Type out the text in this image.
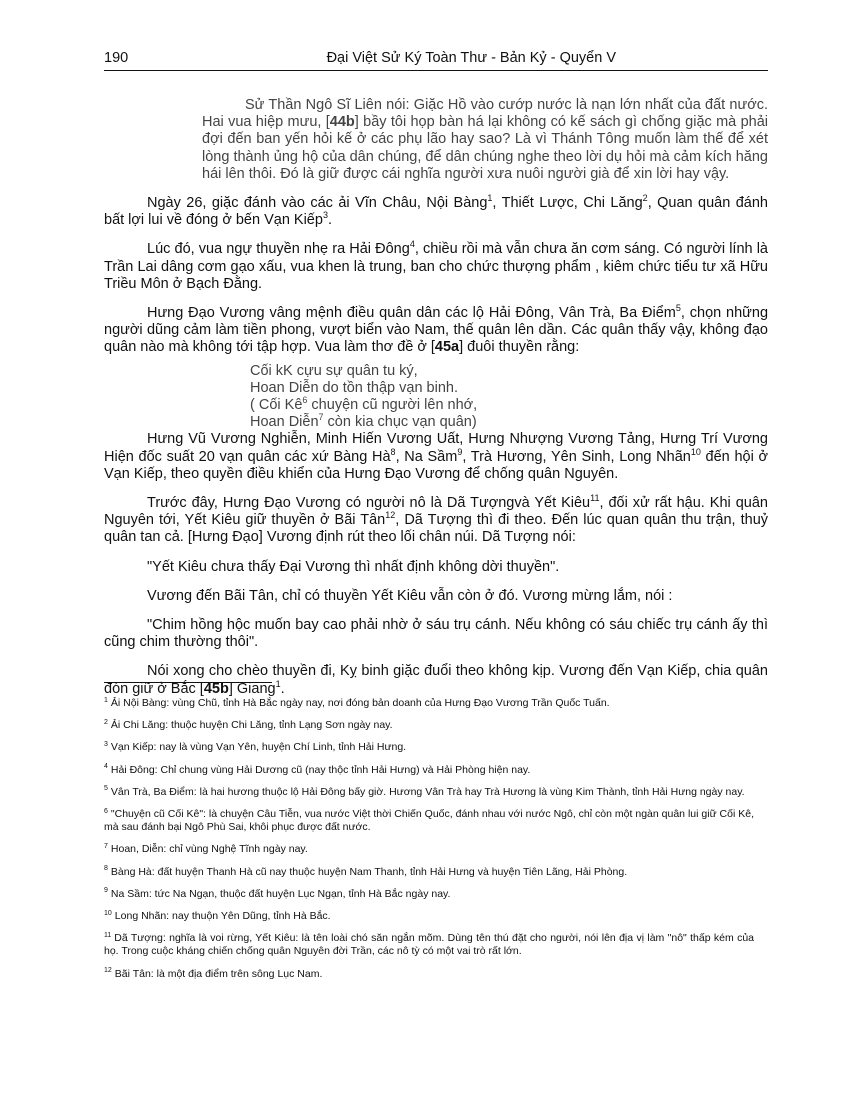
190	Đại Việt Sử Ký Toàn Thư - Bản Kỷ - Quyển V

Sử Thần Ngô Sĩ Liên nói: Giặc Hồ vào cướp nước là nạn lớn nhất của đất nước. Hai vua hiệp mưu, [44b] bầy tôi họp bàn há lại không có kế sách gì chống giặc mà phải đợi đến ban yến hỏi kế ở các phụ lão hay sao? Là vì Thánh Tông muốn làm thế để xét lòng thành ủng hộ của dân chúng, để dân chúng nghe theo lời dụ hỏi mà cảm kích hăng hái lên thôi. Đó là giữ được cái nghĩa người xưa nuôi người già để xin lời hay vậy.

Ngày 26, giặc đánh vào các ải Vĩn Châu, Nội Bàng$^1$, Thiết Lược, Chi Lăng$^2$, Quan quân đánh bất lợi lui về đóng ở bến Vạn Kiếp$^3$.

Lúc đó, vua ngự thuyền nhẹ ra Hải Đông$^4$, chiều rồi mà vẫn chưa ăn cơm sáng. Có người lính là Trần Lai dâng cơm gạo xấu, vua khen là trung, ban cho chức thượng phẩm , kiêm chức tiểu tư xã Hữu Triều Môn ở Bạch Đằng.

Hưng Đạo Vương vâng mệnh điều quân dân các lộ Hải Đông, Vân Trà, Ba Điểm$^5$, chọn những người dũng cảm làm tiền phong, vượt biển vào Nam, thế quân lên dần. Các quân thấy vậy, không đạo quân nào mà không tới tập hợp. Vua làm thơ đề ở [45a] đuôi thuyền rằng:

Cối kK cựu sự quân tu ký,
Hoan Diễn do tồn thập vạn binh.
( Cối $Kê^6$ chuyện cũ người lên nhớ,
Hoan Diễn$^7$ còn kia chục vạn quân)

Hưng Vũ Vương Nghiễn, Minh Hiến Vương Uất, Hưng Nhượng Vương Tảng, Hưng Trí Vương Hiện đốc suất 20 vạn quân các xứ Bàng $Hà^8$, Na Sầm$^9$, Trà Hương, Yên Sinh, Long Nhãn$^{10}$ đến hội ở Vạn Kiếp, theo quyền điều khiển của Hưng Đạo Vương để chống quân Nguyên.

Trước đây, Hưng Đạo Vương có người nô là Dã Tượngvà Yết Kiêu$^{11}$, đối xử rất hậu. Khi quân Nguyên tới, Yết Kiêu giữ thuyền ở Bãi Tân$^{12}$, Dã Tượng thì đi theo. Đến lúc quan quân thu trận, thuỷ quân tan cả. [Hưng Đạo] Vương định rút theo lối chân núi. Dã Tượng nói:

"Yết Kiêu chưa thấy Đại Vương thì nhất định không dời thuyền".

Vương đến Bãi Tân, chỉ có thuyền Yết Kiêu vẫn còn ở đó. Vương mừng lắm, nói :

"Chim hồng hộc muốn bay cao phải nhờ ở sáu trụ cánh. Nếu không có sáu chiếc trụ cánh ấy thì cũng chim thường thôi".

Nói xong cho chèo thuyền đi, Kỵ binh giặc đuổi theo không kịp. Vương đến Vạn Kiếp, chia quân đón giữ ở Bắc [45b] Giang$^1$.

$^1$ Ải Nội Bàng: vùng Chũ, tỉnh Hà Bắc ngày nay, nơi đóng bản doanh của Hưng Đạo Vương Trần Quốc Tuấn.

$^2$ Ải Chi Lăng: thuộc huyện Chi Lăng, tỉnh Lạng Sơn ngày nay.

$^3$ Vạn Kiếp: nay là vùng Vạn Yên, huyện Chí Linh, tỉnh Hải Hưng.

$^4$ Hải Đông: Chỉ chung vùng Hải Dương cũ (nay thộc tỉnh Hải Hưng) và Hải Phòng hiện nay.

$^5$ Vân Trà, Ba Điểm: là hai hương thuộc lộ Hải Đông bấy giờ. Hương Vân Trà hay Trà Hương là vùng Kim Thành, tỉnh Hải Hưng ngày nay.

$^6$ "Chuyện cũ Cối Kê": là chuyện Câu Tiễn, vua nước Việt thời Chiến Quốc, đánh nhau với nước Ngô, chỉ còn một ngàn quân lui giữ Cối Kê, mà sau đánh bại Ngô Phù Sai, khôi phục được đất nước.

$^7$ Hoan, Diễn: chỉ vùng Nghệ Tĩnh ngày nay.

$^8$ Bàng Hà: đất huyện Thanh Hà cũ nay thuộc huyện Nam Thanh, tỉnh Hải Hưng và huyện Tiên Lãng, Hải Phòng.

$^9$ Na Sầm: tức Na Ngạn, thuộc đất huyện Lục Ngạn, tỉnh Hà Bắc ngày nay.

$^{10}$ Long Nhãn: nay thuộn Yên Dũng, tỉnh Hà Bắc.

$^{11}$ Dã Tượng: nghĩa là voi rừng, Yết Kiêu: là tên loài chó săn ngắn mõm. Dùng tên thú đặt cho người, nói lên địa vị làm "nô" thấp kém của họ. Trong cuộc kháng chiến chống quân Nguyên đời Trần, các nô tỳ có một vai trò rất lớn.

$^{12}$ Bãi Tân: là một địa điểm trên sông Lục Nam.
